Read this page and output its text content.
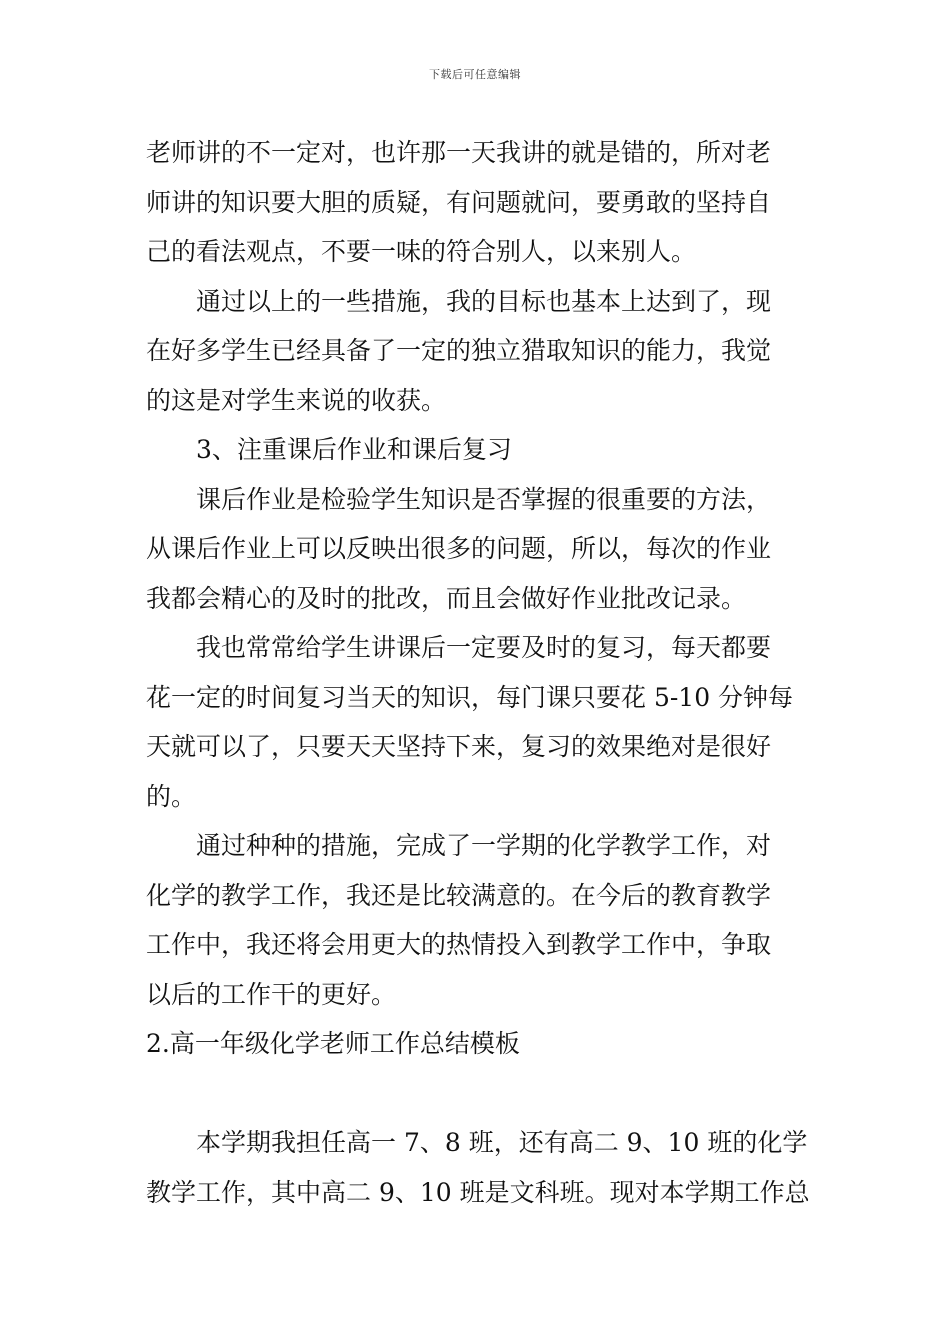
下载后可任意编辑
老师讲的不一定对，也许那一天我讲的就是错的，所对老
师讲的知识要大胆的质疑，有问题就问，要勇敢的坚持自
己的看法观点，不要一味的符合别人，以来别人。
通过以上的一些措施，我的目标也基本上达到了，现
在好多学生已经具备了一定的独立猎取知识的能力，我觉
的这是对学生来说的收获。
3、注重课后作业和课后复习
课后作业是检验学生知识是否掌握的很重要的方法，
从课后作业上可以反映出很多的问题，所以，每次的作业
我都会精心的及时的批改，而且会做好作业批改记录。
我也常常给学生讲课后一定要及时的复习，每天都要
花一定的时间复习当天的知识，每门课只要花 5-10 分钟每
天就可以了，只要天天坚持下来，复习的效果绝对是很好
的。
通过种种的措施，完成了一学期的化学教学工作，对
化学的教学工作，我还是比较满意的。在今后的教育教学
工作中，我还将会用更大的热情投入到教学工作中，争取
以后的工作干的更好。
2.高一年级化学老师工作总结模板
本学期我担任高一 7、8 班，还有高二 9、10 班的化学
教学工作，其中高二 9、10 班是文科班。现对本学期工作总
